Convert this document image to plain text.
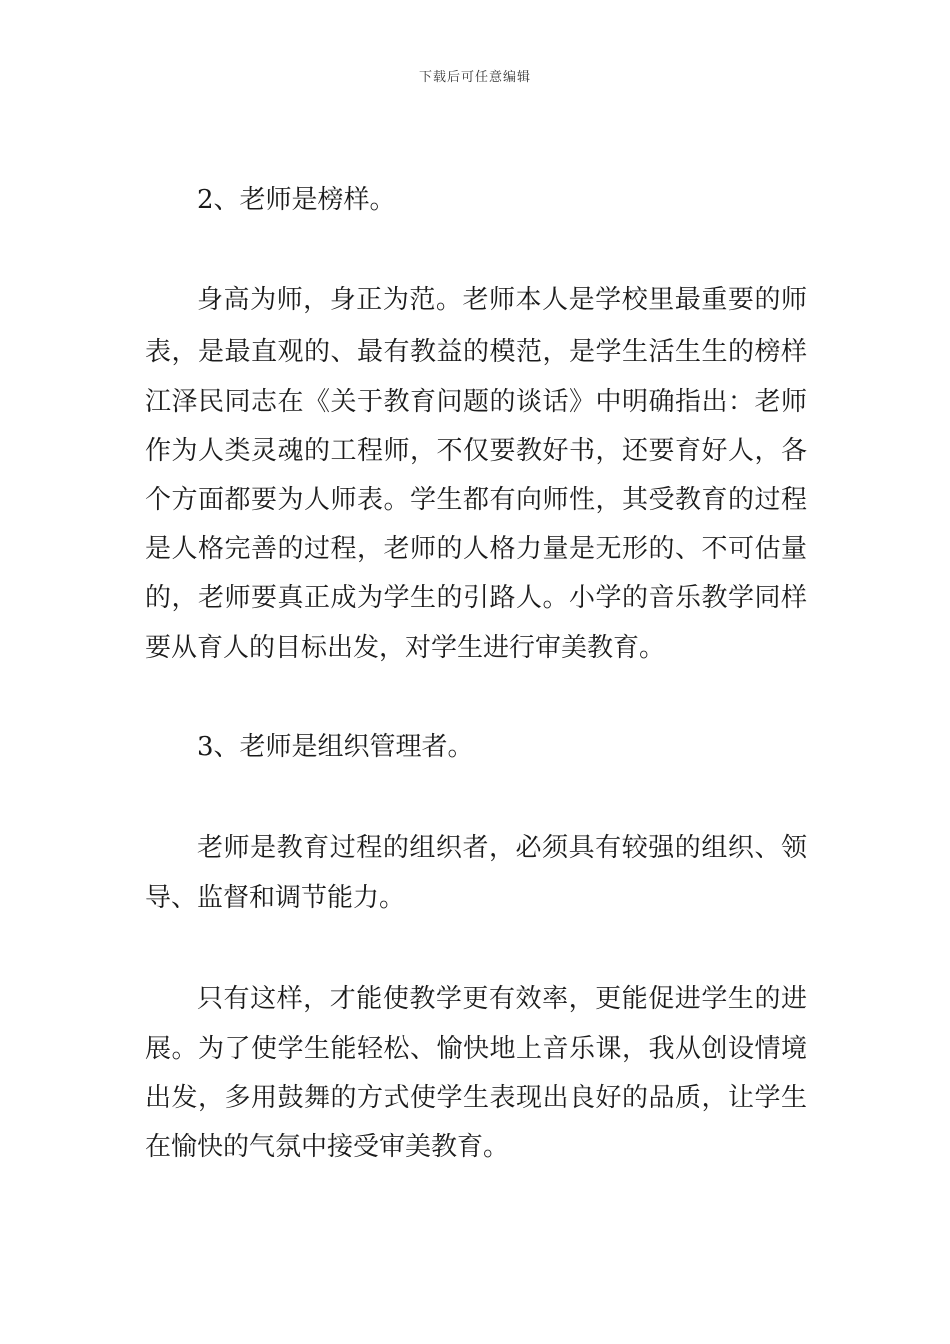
下载后可任意编辑
2、老师是榜样。
身高为师，身正为范。老师本人是学校里最重要的师
表，是最直观的、最有教益的模范，是学生活生生的榜样
江泽民同志在《关于教育问题的谈话》中明确指出：老师
作为人类灵魂的工程师，不仅要教好书，还要育好人，各
个方面都要为人师表。学生都有向师性，其受教育的过程
是人格完善的过程，老师的人格力量是无形的、不可估量
的，老师要真正成为学生的引路人。小学的音乐教学同样
要从育人的目标出发，对学生进行审美教育。
3、老师是组织管理者。
老师是教育过程的组织者，必须具有较强的组织、领
导、监督和调节能力。
只有这样，才能使教学更有效率，更能促进学生的进
展。为了使学生能轻松、愉快地上音乐课，我从创设情境
出发，多用鼓舞的方式使学生表现出良好的品质，让学生
在愉快的气氛中接受审美教育。
